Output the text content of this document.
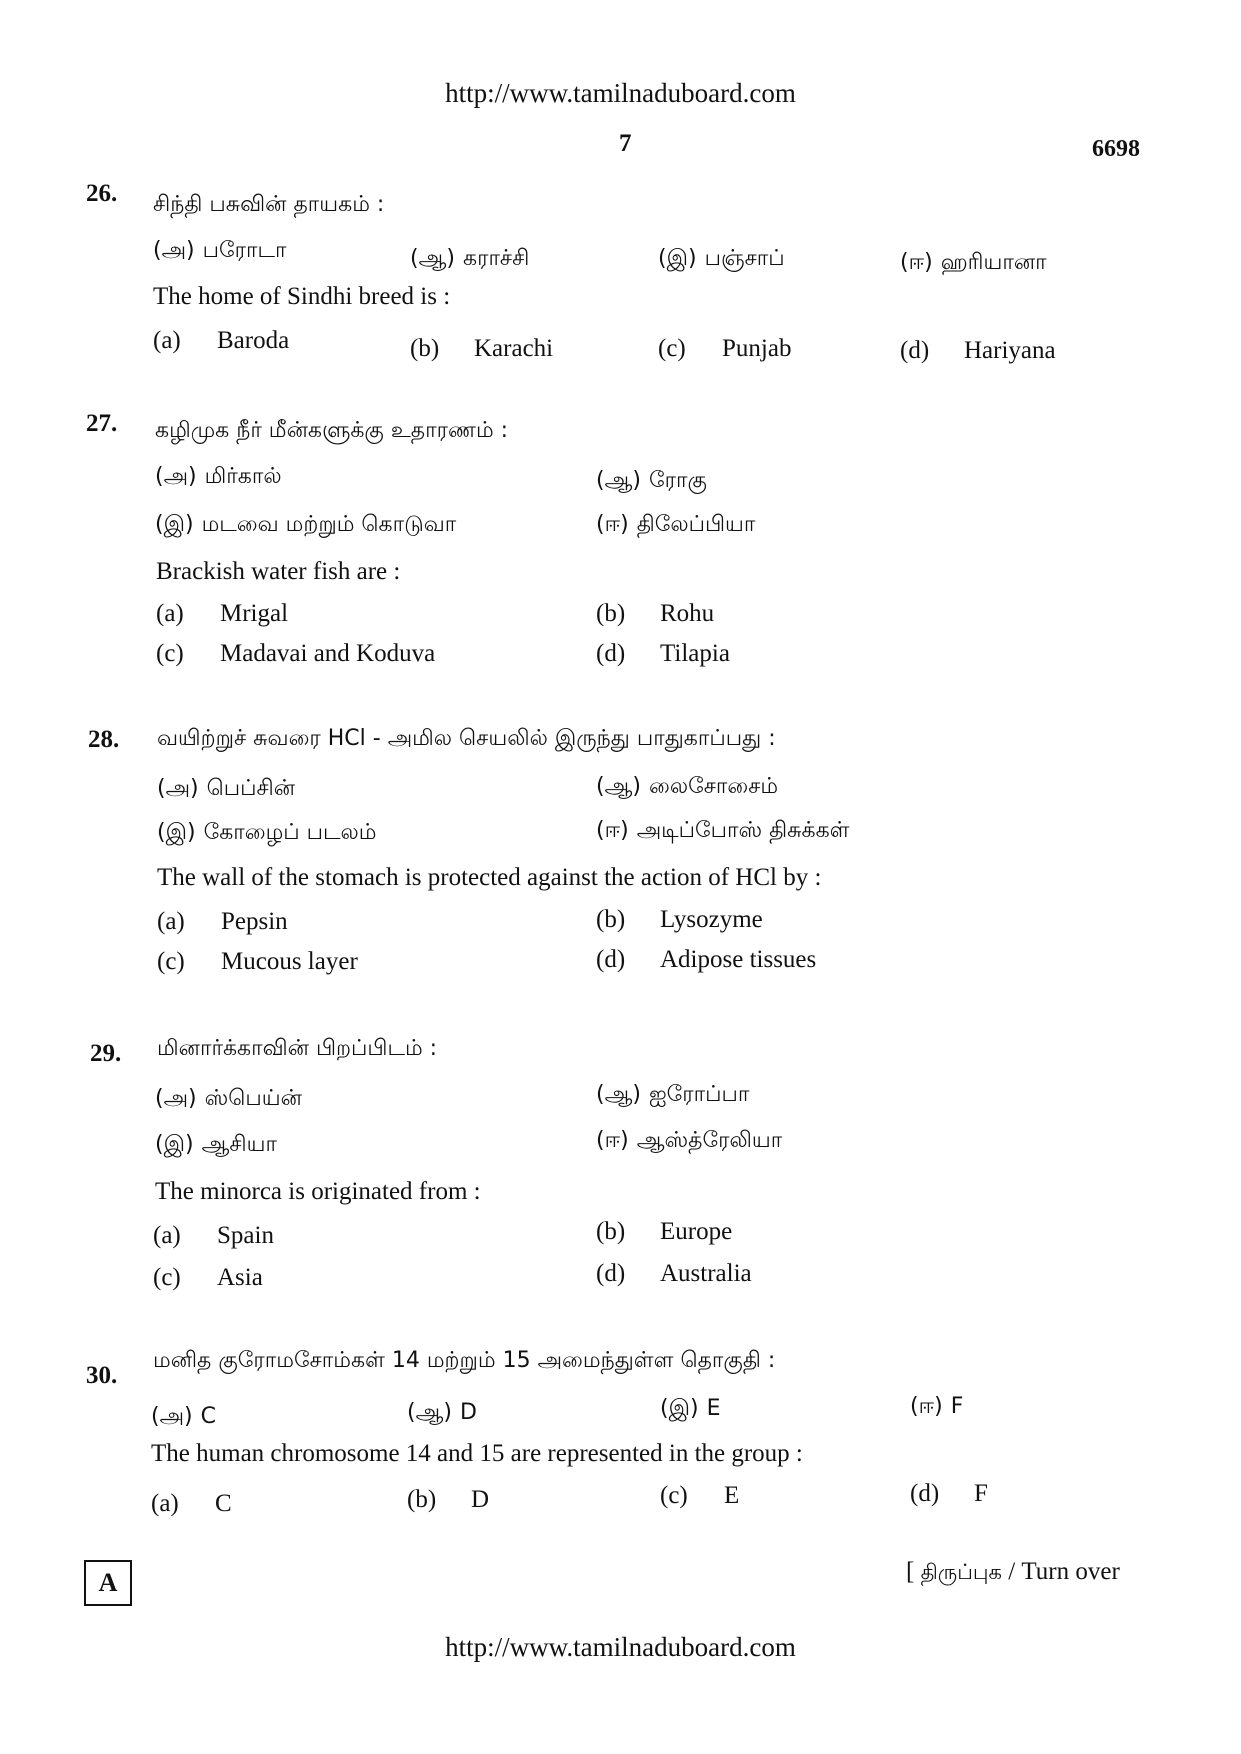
http://www.tamilnaduboard.com
7	6698
26. சிந்தி பசுவின் தாயகம் :
(அ) பரோடா	(ஆ) கராச்சி	(இ) பஞ்சாப்	(ஈ) ஹரியானா
The home of Sindhi breed is :
(a) Baroda	(b) Karachi	(c) Punjab	(d) Hariyana
27. கழிமுக நீர் மீன்களுக்கு உதாரணம் :
(அ) மிர்கால்	(ஆ) ரோகு
(இ) மடவை மற்றும் கொடுவா	(ஈ) திலேப்பியா
Brackish water fish are :
(a) Mrigal	(b) Rohu
(c) Madavai and Koduva	(d) Tilapia
28. வயிற்றுச் சுவரை HCl - அமில செயலில் இருந்து பாதுகாப்பது :
(அ) பெப்சின்	(ஆ) லைசோசைம்
(இ) கோழைப் படலம்	(ஈ) அடிப்போஸ் திசுக்கள்
The wall of the stomach is protected against the action of HCl by :
(a) Pepsin	(b) Lysozyme
(c) Mucous layer	(d) Adipose tissues
29. மினார்க்காவின் பிறப்பிடம் :
(அ) ஸ்பெய்ன்	(ஆ) ஐரோப்பா
(இ) ஆசியா	(ஈ) ஆஸ்த்ரேலியா
The minorca is originated from :
(a) Spain	(b) Europe
(c) Asia	(d) Australia
30.
மனித குரோமசோம்கள் 14 மற்றும் 15 அமைந்துள்ள தொகுதி :
(அ) C	(ஆ) D	(இ) E	(ஈ) F
The human chromosome 14 and 15 are represented in the group :
(a) C	(b) D	(c) E	(d) F
A	[ திருப்புக / Turn over
http://www.tamilnaduboard.com
